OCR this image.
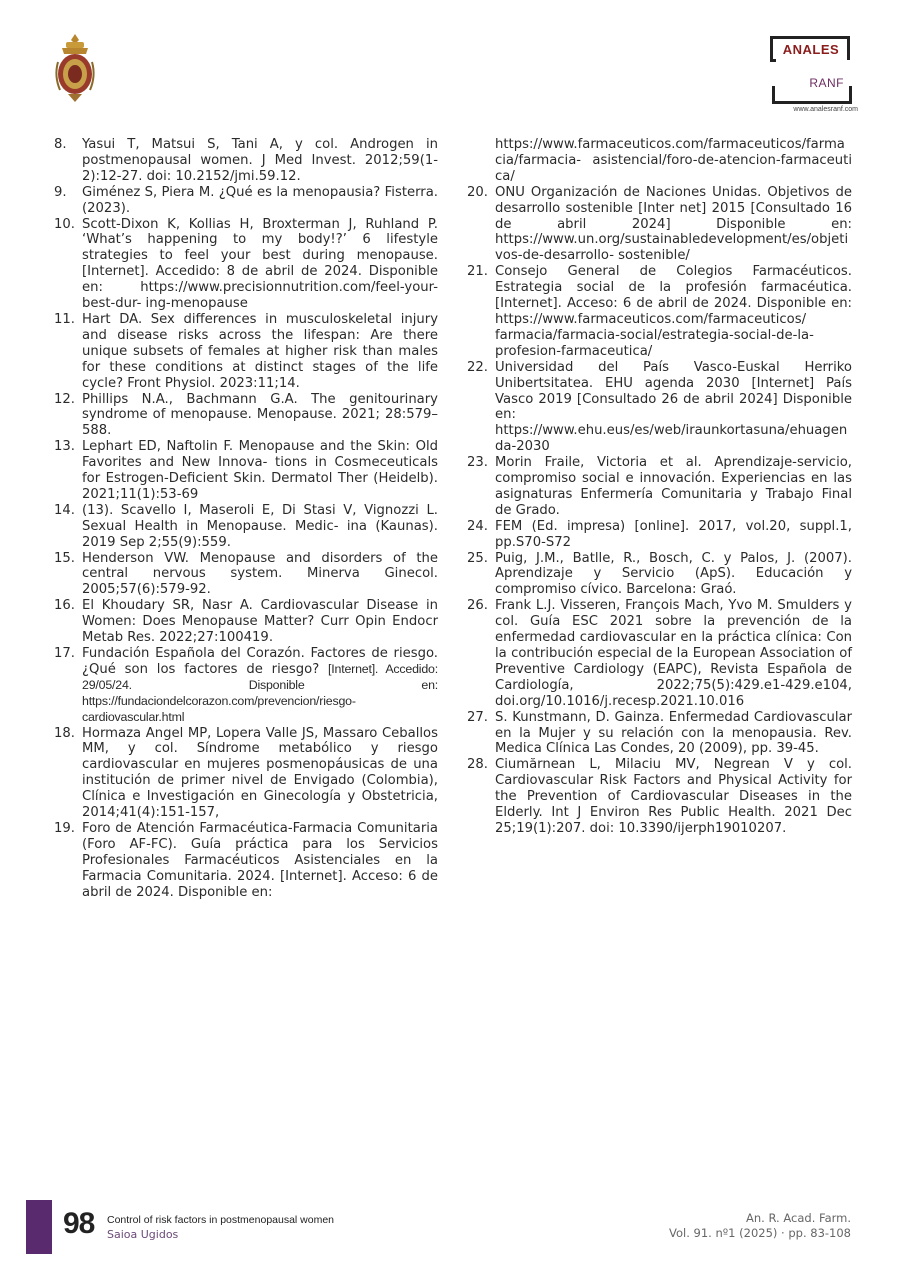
ANALES
RANF
www.analesranf.com
8. Yasui T, Matsui S, Tani A, y col. Androgen in postmenopausal women. J Med Invest. 2012;59(1-2):12-27. doi: 10.2152/jmi.59.12.
9. Giménez S, Piera M. ¿Qué es la menopausia? Fisterra. (2023).
10. Scott-Dixon K, Kollias H, Broxterman J, Ruhland P. ‘What’s happening to my body!?’ 6 lifestyle strategies to feel your best during menopause. [Internet]. Accedido: 8 de abril de 2024. Disponible en: https://www.precisionnutrition.com/feel-your-best-dur- ing-menopause
11. Hart DA. Sex differences in musculoskeletal injury and disease risks across the lifespan: Are there unique subsets of females at higher risk than males for these conditions at distinct stages of the life cycle? Front Physiol. 2023:11;14.
12. Phillips N.A., Bachmann G.A. The genitourinary syndrome of menopause. Menopause. 2021; 28:579– 588.
13. Lephart ED, Naftolin F. Menopause and the Skin: Old Favorites and New Innova- tions in Cosmeceuticals for Estrogen-Deficient Skin. Dermatol Ther (Heidelb). 2021;11(1):53-69
14. (13). Scavello I, Maseroli E, Di Stasi V, Vignozzi L. Sexual Health in Menopause. Medic- ina (Kaunas). 2019 Sep 2;55(9):559.
15. Henderson VW. Menopause and disorders of the central nervous system. Minerva Ginecol. 2005;57(6):579-92.
16. El Khoudary SR, Nasr A. Cardiovascular Disease in Women: Does Menopause Matter? Curr Opin Endocr Metab Res. 2022;27:100419.
17. Fundación Española del Corazón. Factores de riesgo. ¿Qué son los factores de riesgo? [Internet]. Accedido: 29/05/24. Disponible en: https://fundaciondelcorazon.com/prevencion/riesgo-cardiovascular.html
18. Hormaza Angel MP, Lopera Valle JS, Massaro Ceballos MM, y col. Síndrome metabólico y riesgo cardiovascular en mujeres posmenopáusicas de una institución de primer nivel de Envigado (Colombia), Clínica e Investigación en Ginecología y Obstetricia, 2014;41(4):151-157,
19. Foro de Atención Farmacéutica-Farmacia Comunitaria (Foro AF-FC). Guía práctica para los Servicios Profesionales Farmacéuticos Asistenciales en la Farmacia Comunitaria. 2024. [Internet]. Acceso: 6 de abril de 2024. Disponible en:
https://www.farmaceuticos.com/farmaceuticos/farmacia/farmacia- asistencial/foro-de-atencion-farmaceutica/
20. ONU Organización de Naciones Unidas. Objetivos de desarrollo sostenible [Inter net] 2015 [Consultado 16 de abril 2024] Disponible en: https://www.un.org/sustainabledevelopment/es/objetivos-de-desarrollo- sostenible/
21. Consejo General de Colegios Farmacéuticos. Estrategia social de la profesión farmacéutica. [Internet]. Acceso: 6 de abril de 2024. Disponible en: https://www.farmaceuticos.com/farmaceuticos/ farmacia/farmacia-social/estrategia-social-de-la-profesion-farmaceutica/
22. Universidad del País Vasco-Euskal Herriko Unibertsitatea. EHU agenda 2030 [Internet] País Vasco 2019 [Consultado 26 de abril 2024] Disponible en: https://www.ehu.eus/es/web/iraunkortasuna/ehuagenda-2030
23. Morin Fraile, Victoria et al. Aprendizaje-servicio, compromiso social e innovación. Experiencias en las asignaturas Enfermería Comunitaria y Trabajo Final de Grado.
24. FEM (Ed. impresa) [online]. 2017, vol.20, suppl.1, pp.S70-S72
25. Puig, J.M., Batlle, R., Bosch, C. y Palos, J. (2007). Aprendizaje y Servicio (ApS). Educación y compromiso cívico. Barcelona: Graó.
26. Frank L.J. Visseren, François Mach, Yvo M. Smulders y col. Guía ESC 2021 sobre la prevención de la enfermedad cardiovascular en la práctica clínica: Con la contribución especial de la European Association of Preventive Cardiology (EAPC), Revista Española de Cardiología, 2022;75(5):429.e1-429.e104, doi.org/10.1016/j.recesp.2021.10.016
27. S. Kunstmann, D. Gainza. Enfermedad Cardiovascular en la Mujer y su relación con la menopausia. Rev. Medica Clínica Las Condes, 20 (2009), pp. 39-45.
28. Ciumărnean L, Milaciu MV, Negrean V y col. Cardiovascular Risk Factors and Physical Activity for the Prevention of Cardiovascular Diseases in the Elderly. Int J Environ Res Public Health. 2021 Dec 25;19(1):207. doi: 10.3390/ijerph19010207.
98 Control of risk factors in postmenopausal women
Saioa Ugidos
An. R. Acad. Farm.
Vol. 91. nº1 (2025) · pp. 83-108
